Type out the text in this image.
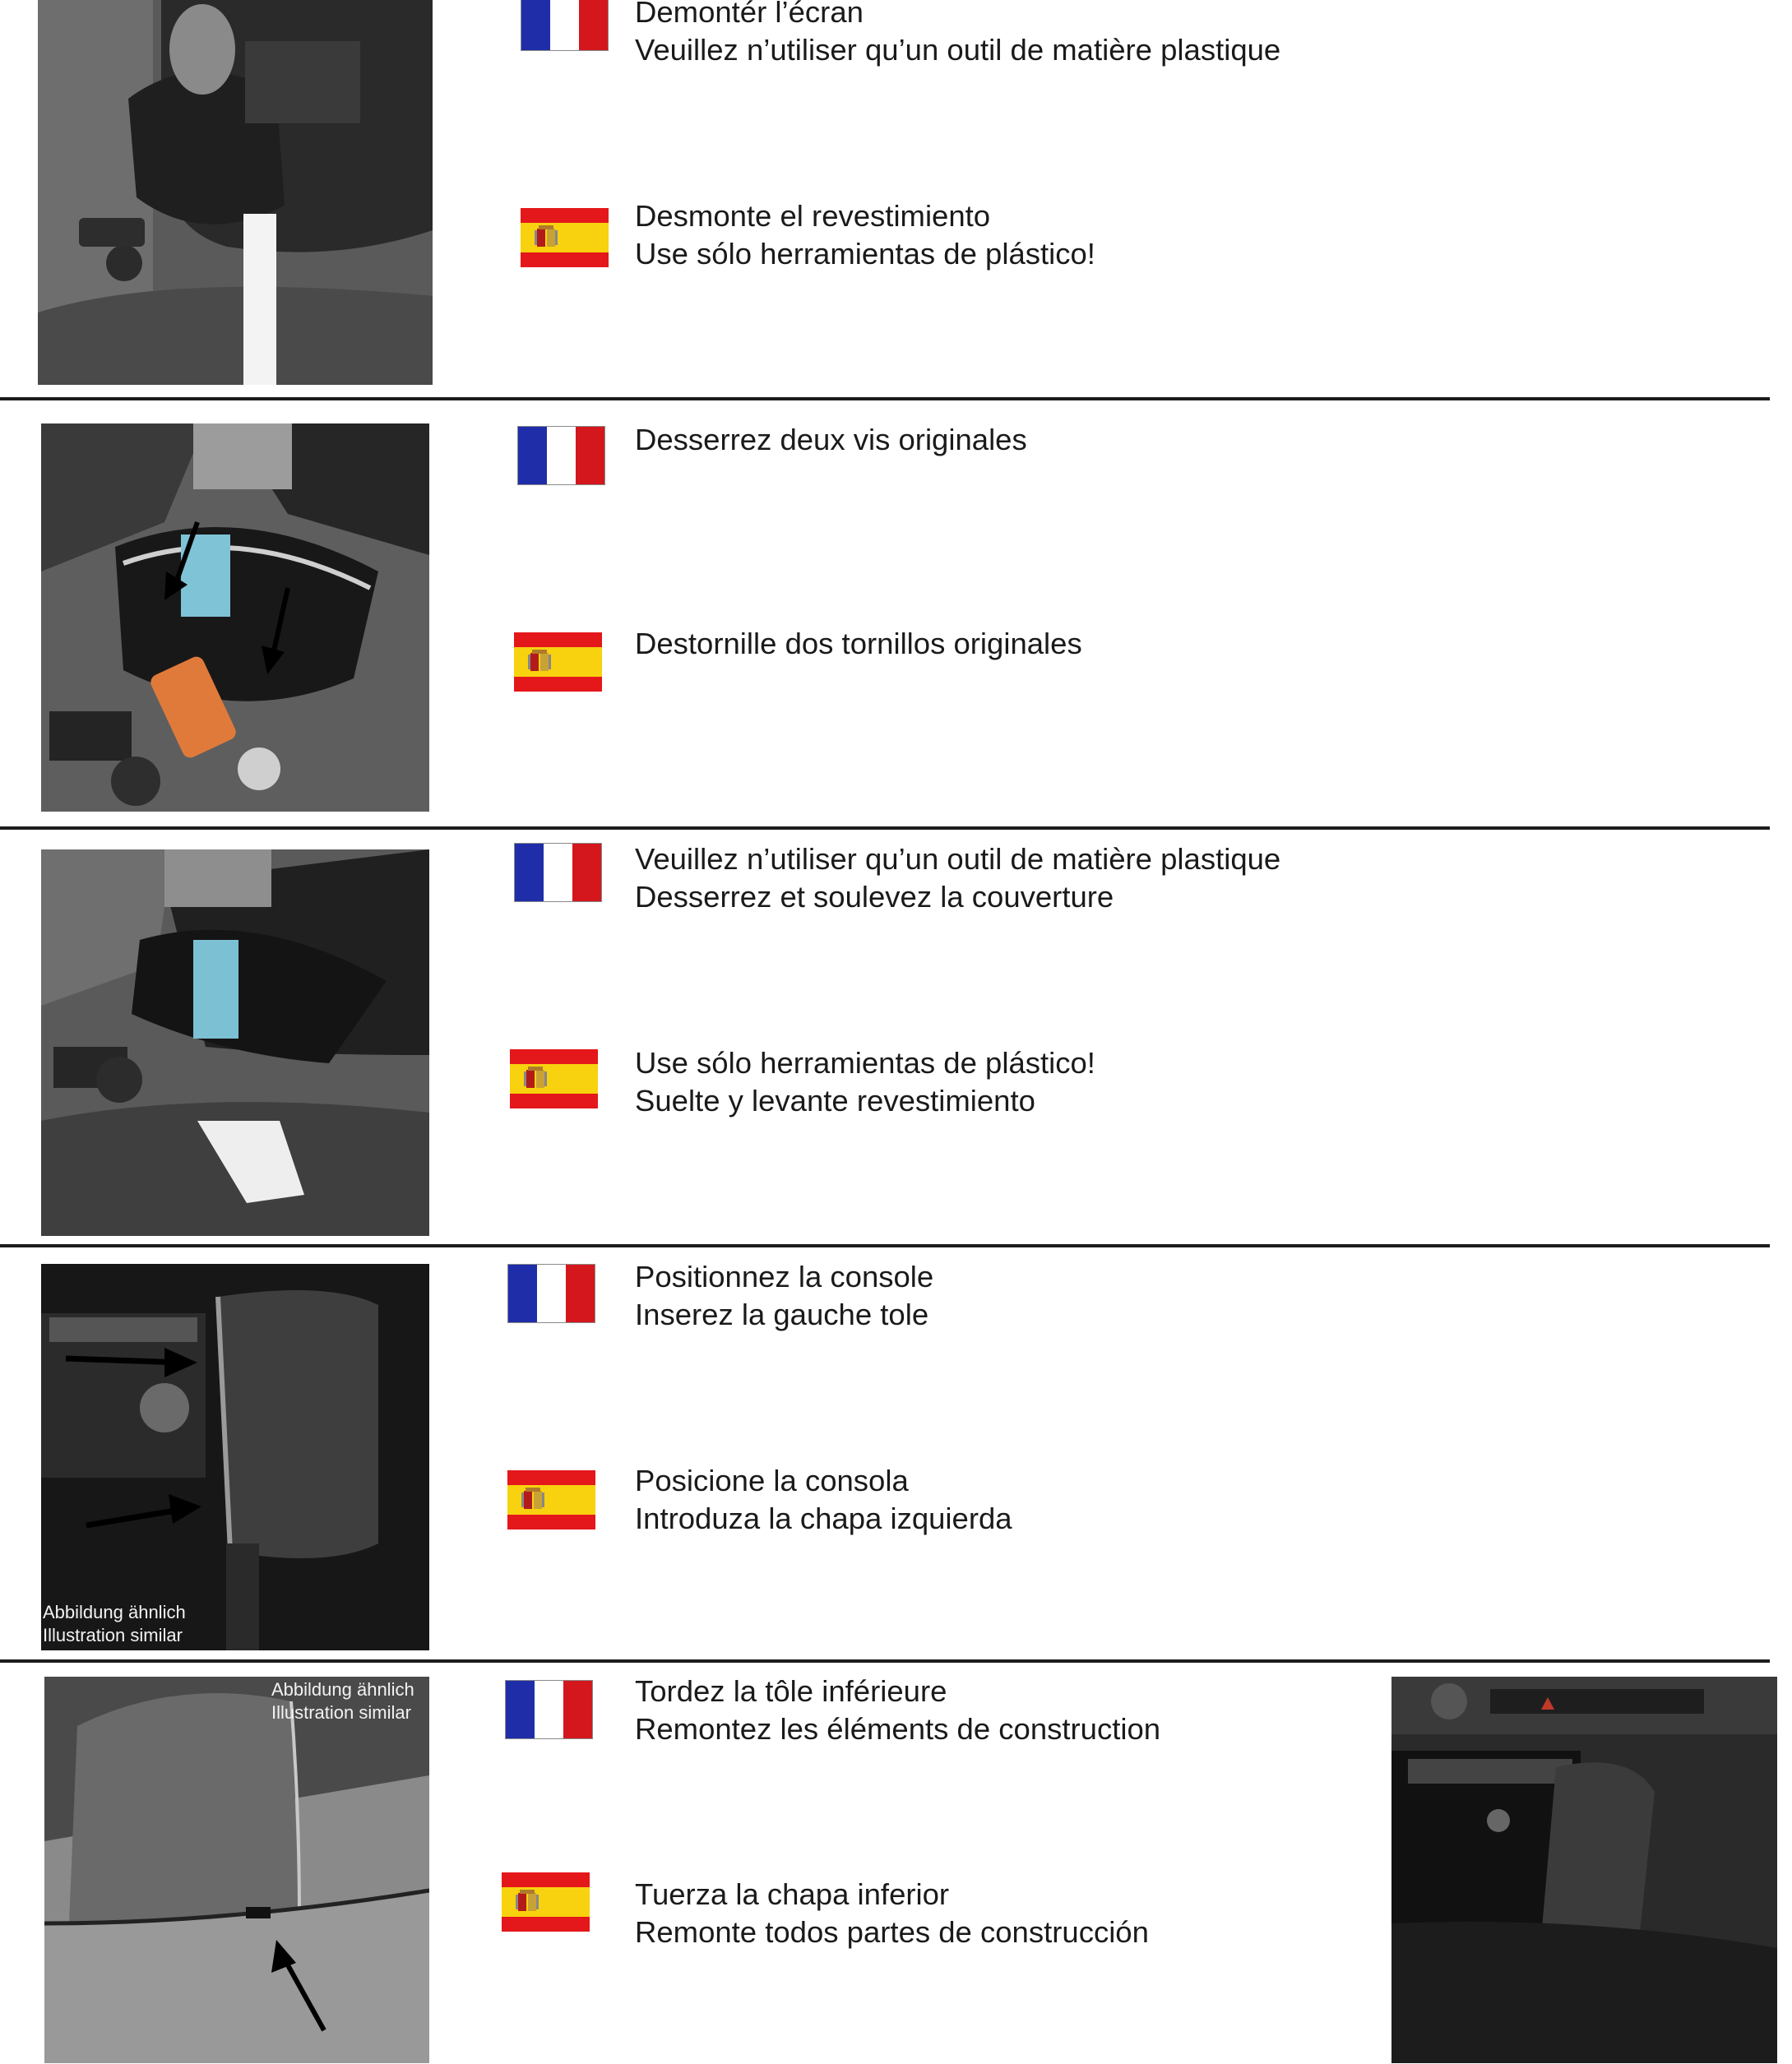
Demontér l’écran
Veuillez n’utiliser qu’un outil de matière plastique
Desmonte el revestimiento
Use sólo herramientas de plástico!
Desserrez deux vis originales
Destornille dos tornillos originales
Veuillez n’utiliser qu’un outil de matière plastique
Desserrez et soulevez la couverture
Use sólo herramientas de plástico!
Suelte y levante revestimiento
Abbildung ähnlich
Illustration similar
Positionnez la console
Inserez la gauche tole
Posicione la consola
Introduza la chapa izquierda
Abbildung ähnlich
Illustration similar
Tordez la tôle inférieure
Remontez les éléments de construction
Tuerza la chapa inferior
Remonte todos partes de construcción
